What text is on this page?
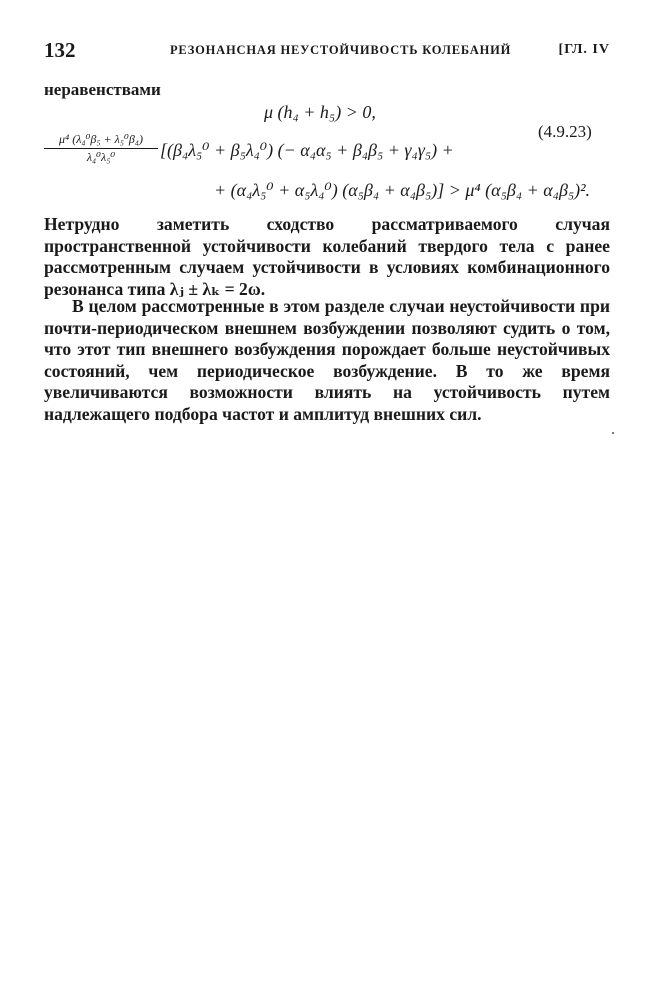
132	РЕЗОНАНСНАЯ НЕУСТОЙЧИВОСТЬ КОЛЕБАНИЙ	[ГЛ. IV
неравенствами
μ (h₄ + h₅) > 0,
(4.9.23)
$\frac{\text{μ⁴ (λ₄⁰β₅ + λ₅⁰β₄)}}{\text{λ₄⁰λ₅⁰}} [(\beta_4\lambda_5^0 + \beta_5\lambda_4^0)$ (− α₄α₅ + β₄β₅ + γ₄γ₅) +
+ (α₄λ₅⁰ + α₅λ₄⁰) (α₅β₄ + α₄β₅)] > μ⁴ (α₅β₄ + α₄β₅)².
Нетрудно заметить сходство рассматриваемого случая пространственной устойчивости колебаний твердого тела с ранее рассмотренным случаем устойчивости в условиях комбинационного резонанса типа λⱼ ± λₖ = 2ω.
В целом рассмотренные в этом разделе случаи неустойчивости при почти-периодическом внешнем возбуждении позволяют судить о том, что этот тип внешнего возбуждения порождает больше неустойчивых состояний, чем периодическое возбуждение. В то же время увеличиваются возможности влиять на устойчивость путем надлежащего подбора частот и амплитуд внешних сил.
